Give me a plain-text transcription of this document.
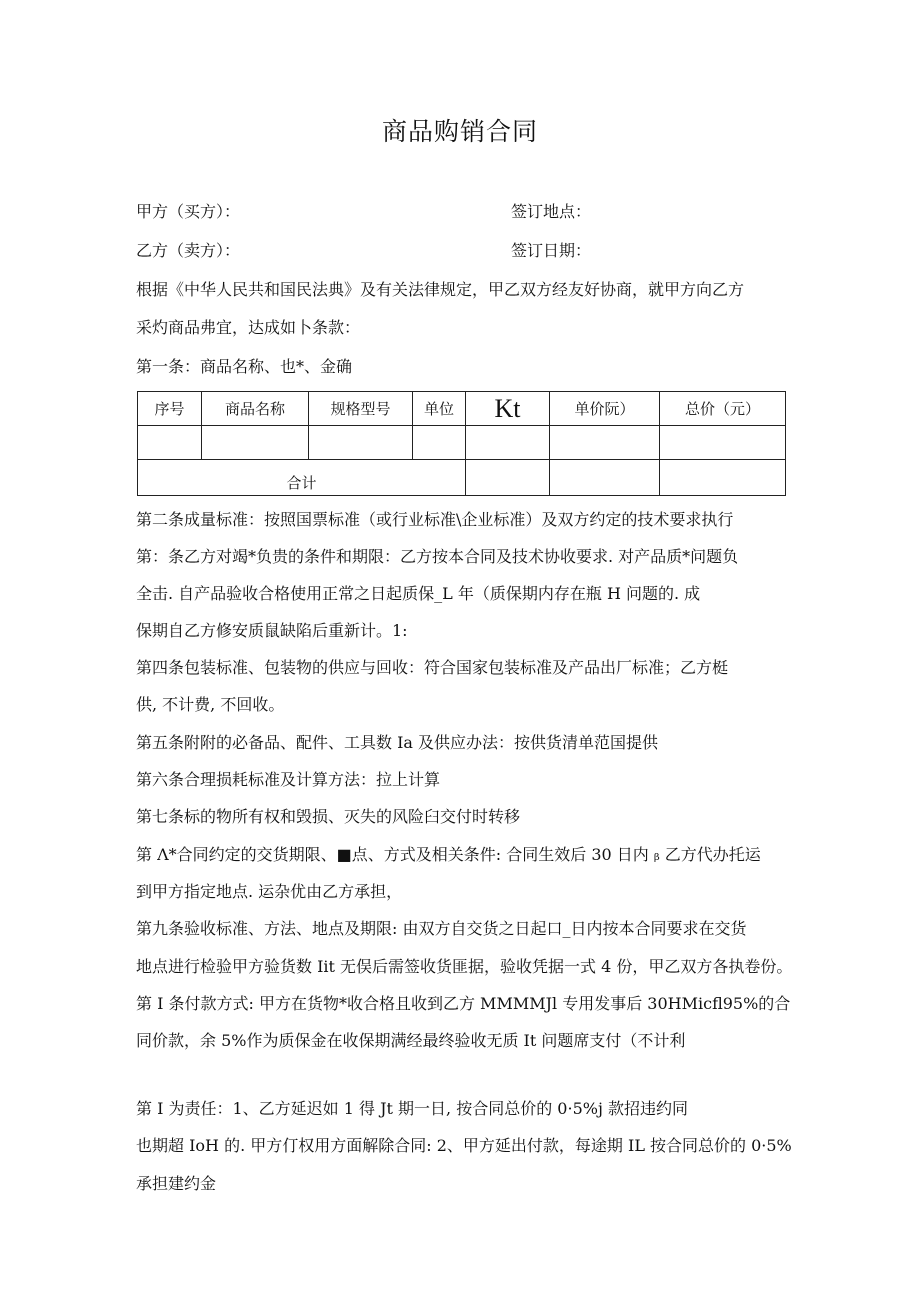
商品购销合同
甲方（买方）：	签订地点：
乙方（卖方）：	签订日期：
根据《中华人民共和国民法典》及有关法律规定，甲乙双方经友好协商，就甲方向乙方
采灼商品弗宜，达成如卜条款：
第一条：商品名称、也*、金确
序号	商品名称	规格型号	单位	Kt	单价阮）	总价（元）

合计						
第二条成量标准：按照国票标准（或行业标准\企业标准）及双方约定的技术要求执行
第：条乙方对竭*负贵的条件和期限：乙方按本合同及技术协收要求. 对产品质*问题负
全击. 自产品验收合格使用正常之日起质保_L 年（质保期内存在瓶 H 问题的. 成
保期自乙方修安质鼠缺陷后重新计。1:
第四条包装标准、包装物的供应与回收：符合国家包装标准及产品出厂标准；乙方梃
供, 不计费, 不回收。
第五条附附的必备品、配件、工具数 Ia 及供应办法：按供货清单范国提供
第六条合理损耗标准及计算方法：拉上计算
第七条标的物所有权和毁损、灭失的风险臼交付时转移
第 Λ*合同约定的交货期限、■点、方式及相关条件: 合同生效后 30 日内 ᵦ 乙方代办托运
到甲方指定地点. 运杂优由乙方承担，
第九条验收标准、方法、地点及期限: 由双方自交货之日起口_日内按本合同要求在交货
地点进行检验甲方验货数 Iit 无俣后需签收货匪据，验收凭据一式 4 份，甲乙双方各执卷份。
第 I 条付款方式: 甲方在货物*收合格且收到乙方 MMMMJl 专用发事后 30HMicfl95%的合
同价款，余 5%作为质保金在收保期满经最终验收无质 It 问题席支付（不计利
第 I 为责任：1、乙方延迟如 1 得 Jt 期一日, 按合同总价的 0·5%j 款招违约同
也期超 IoH 的. 甲方仃权用方面解除合同: 2、甲方延出付款，每途期 IL 按合同总价的 0·5%
承担建约金
